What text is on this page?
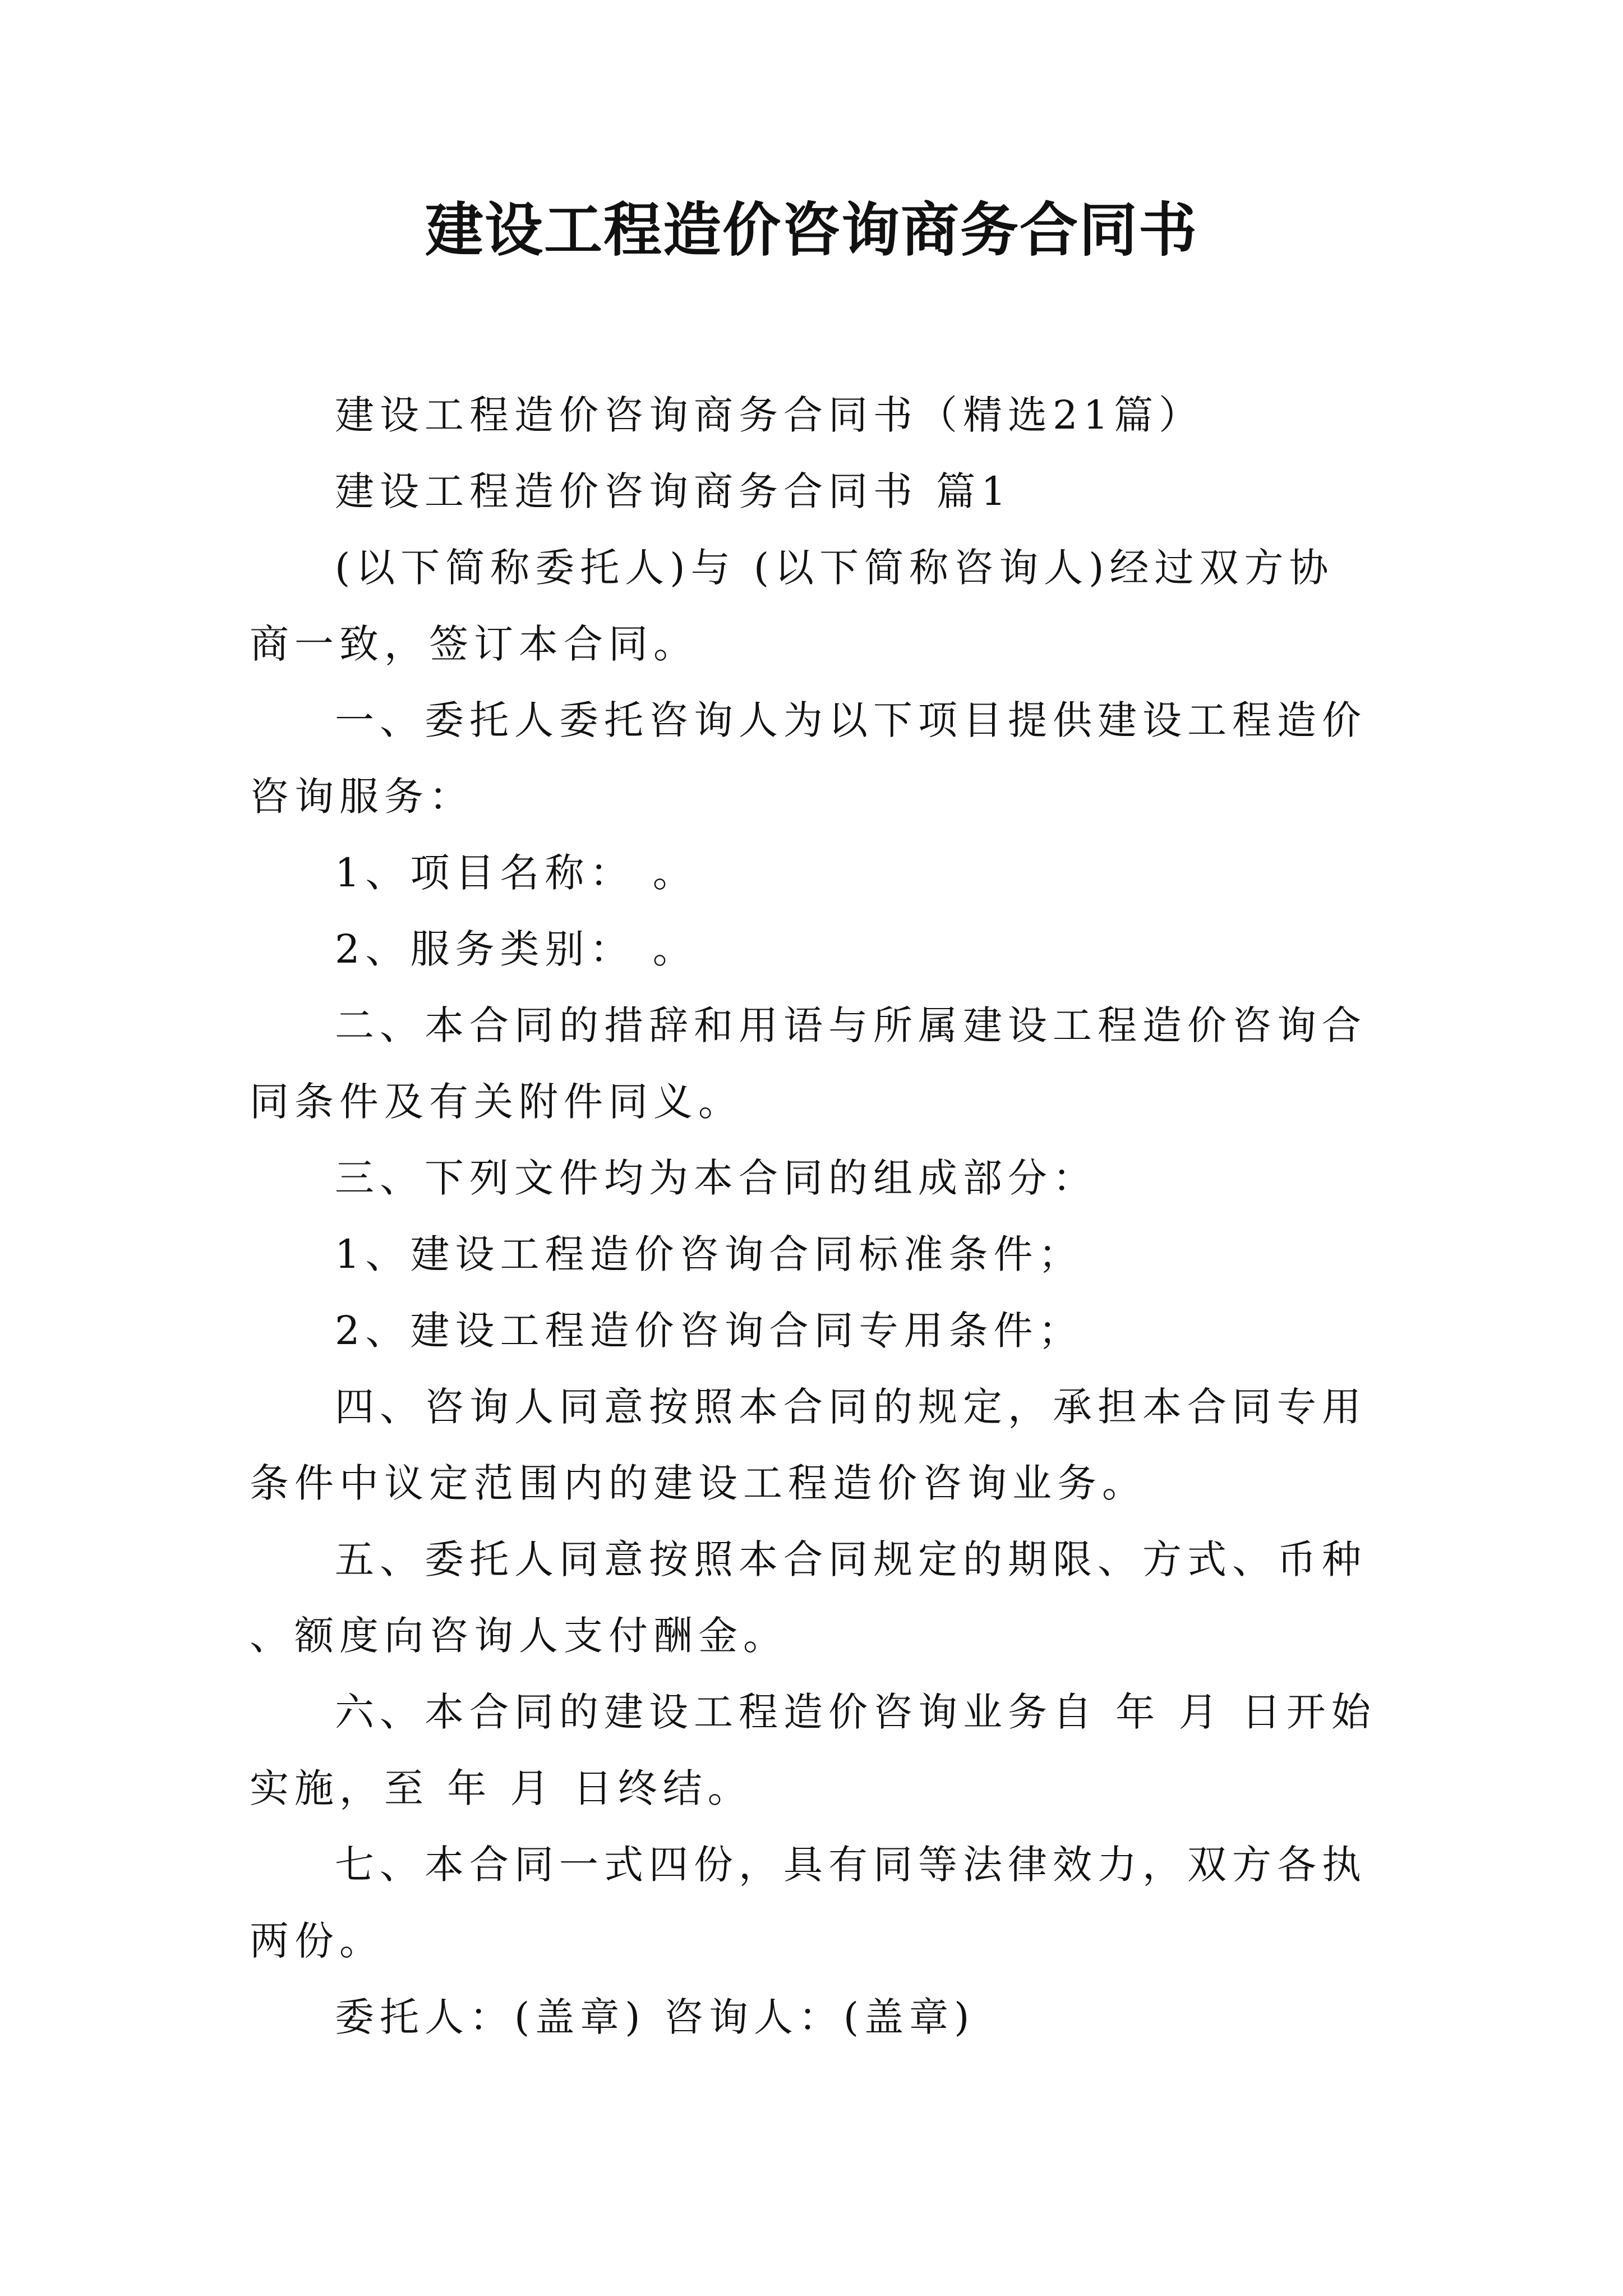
建设工程造价咨询商务合同书

建设工程造价咨询商务合同书（精选21篇）

建设工程造价咨询商务合同书 篇1

(以下简称委托人)与 (以下简称咨询人)经过双方协商一致，签订本合同。

一、委托人委托咨询人为以下项目提供建设工程造价咨询服务：

1、项目名称： 。

2、服务类别： 。

二、本合同的措辞和用语与所属建设工程造价咨询合同条件及有关附件同义。

三、下列文件均为本合同的组成部分：

1、建设工程造价咨询合同标准条件；

2、建设工程造价咨询合同专用条件；

四、咨询人同意按照本合同的规定，承担本合同专用条件中议定范围内的建设工程造价咨询业务。

五、委托人同意按照本合同规定的期限、方式、币种、额度向咨询人支付酬金。

六、本合同的建设工程造价咨询业务自 年 月 日开始实施，至 年 月 日终结。

七、本合同一式四份，具有同等法律效力，双方各执两份。

委托人：(盖章) 咨询人：(盖章)
